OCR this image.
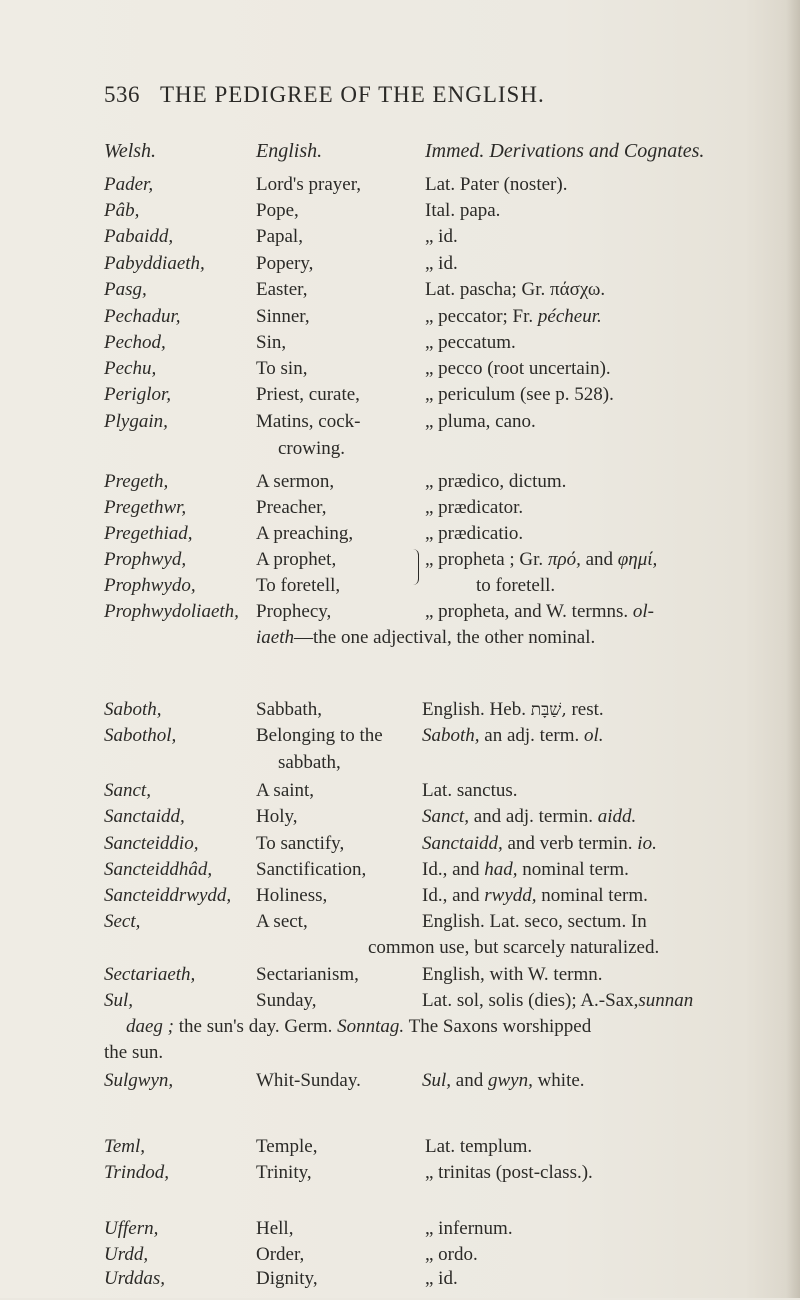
536 THE PEDIGREE OF THE ENGLISH.
Welsh.	English.	Immed. Derivations and Cognates.
Pader,	Lord's prayer,	Lat. Pater (noster).
Pâb,	Pope,	Ital. papa.
Pabaidd,	Papal,	„ id.
Pabyddiaeth,	Popery,	„ id.
Pasg,	Easter,	Lat. pascha; Gr. πάσχω.
Pechadur,	Sinner,	„ peccator; Fr. pécheur.
Pechod,	Sin,	„ peccatum.
Pechu,	To sin,	„ pecco (root uncertain).
Periglor,	Priest, curate,	„ periculum (see p. 528).
Plygain,	Matins, cock-	„ pluma, cano.
crowing.
Pregeth,	A sermon,	„ prædico, dictum.
Pregethwr,	Preacher,	„ prædicator.
Pregethiad,	A preaching,	„ prædicatio.
Prophwyd,	A prophet,	„ propheta ; Gr. πρό, and φημί,
Prophwydo,	To foretell,	to foretell.
Prophwydoliaeth, Prophecy,	„ propheta, and W. termns. ol-
iaeth—the one adjectival, the other nominal.
Saboth,	Sabbath,	English. Heb. שַׁבָּת, rest.
Sabothol,	Belonging to the Saboth, an adj. term. ol.
sabbath,
Sanct,	A saint,	Lat. sanctus.
Sanctaidd,	Holy,	Sanct, and adj. termin. aidd.
Sancteiddio,	To sanctify,	Sanctaidd, and verb termin. io.
Sancteiddhâd, Sanctification,	Id., and had, nominal term.
Sancteiddrwydd, Holiness,	Id., and rwydd, nominal term.
Sect,	A sect,	English. Lat. seco, sectum. In
common use, but scarcely naturalized.
Sectariaeth,	Sectarianism,	English, with W. termn.
Sul,	Sunday,	Lat. sol, solis (dies); A.-Sax,sunnan
daeg ; the sun's day. Germ. Sonntag. The Saxons worshipped
the sun.
Sulgwyn,	Whit-Sunday.	Sul, and gwyn, white.
Teml,	Temple,	Lat. templum.
Trindod,	Trinity,	„ trinitas (post-class.).
Uffern,	Hell,	„ infernum.
Urdd,	Order,	„ ordo.
Urddas,	Dignity,	„ id.
